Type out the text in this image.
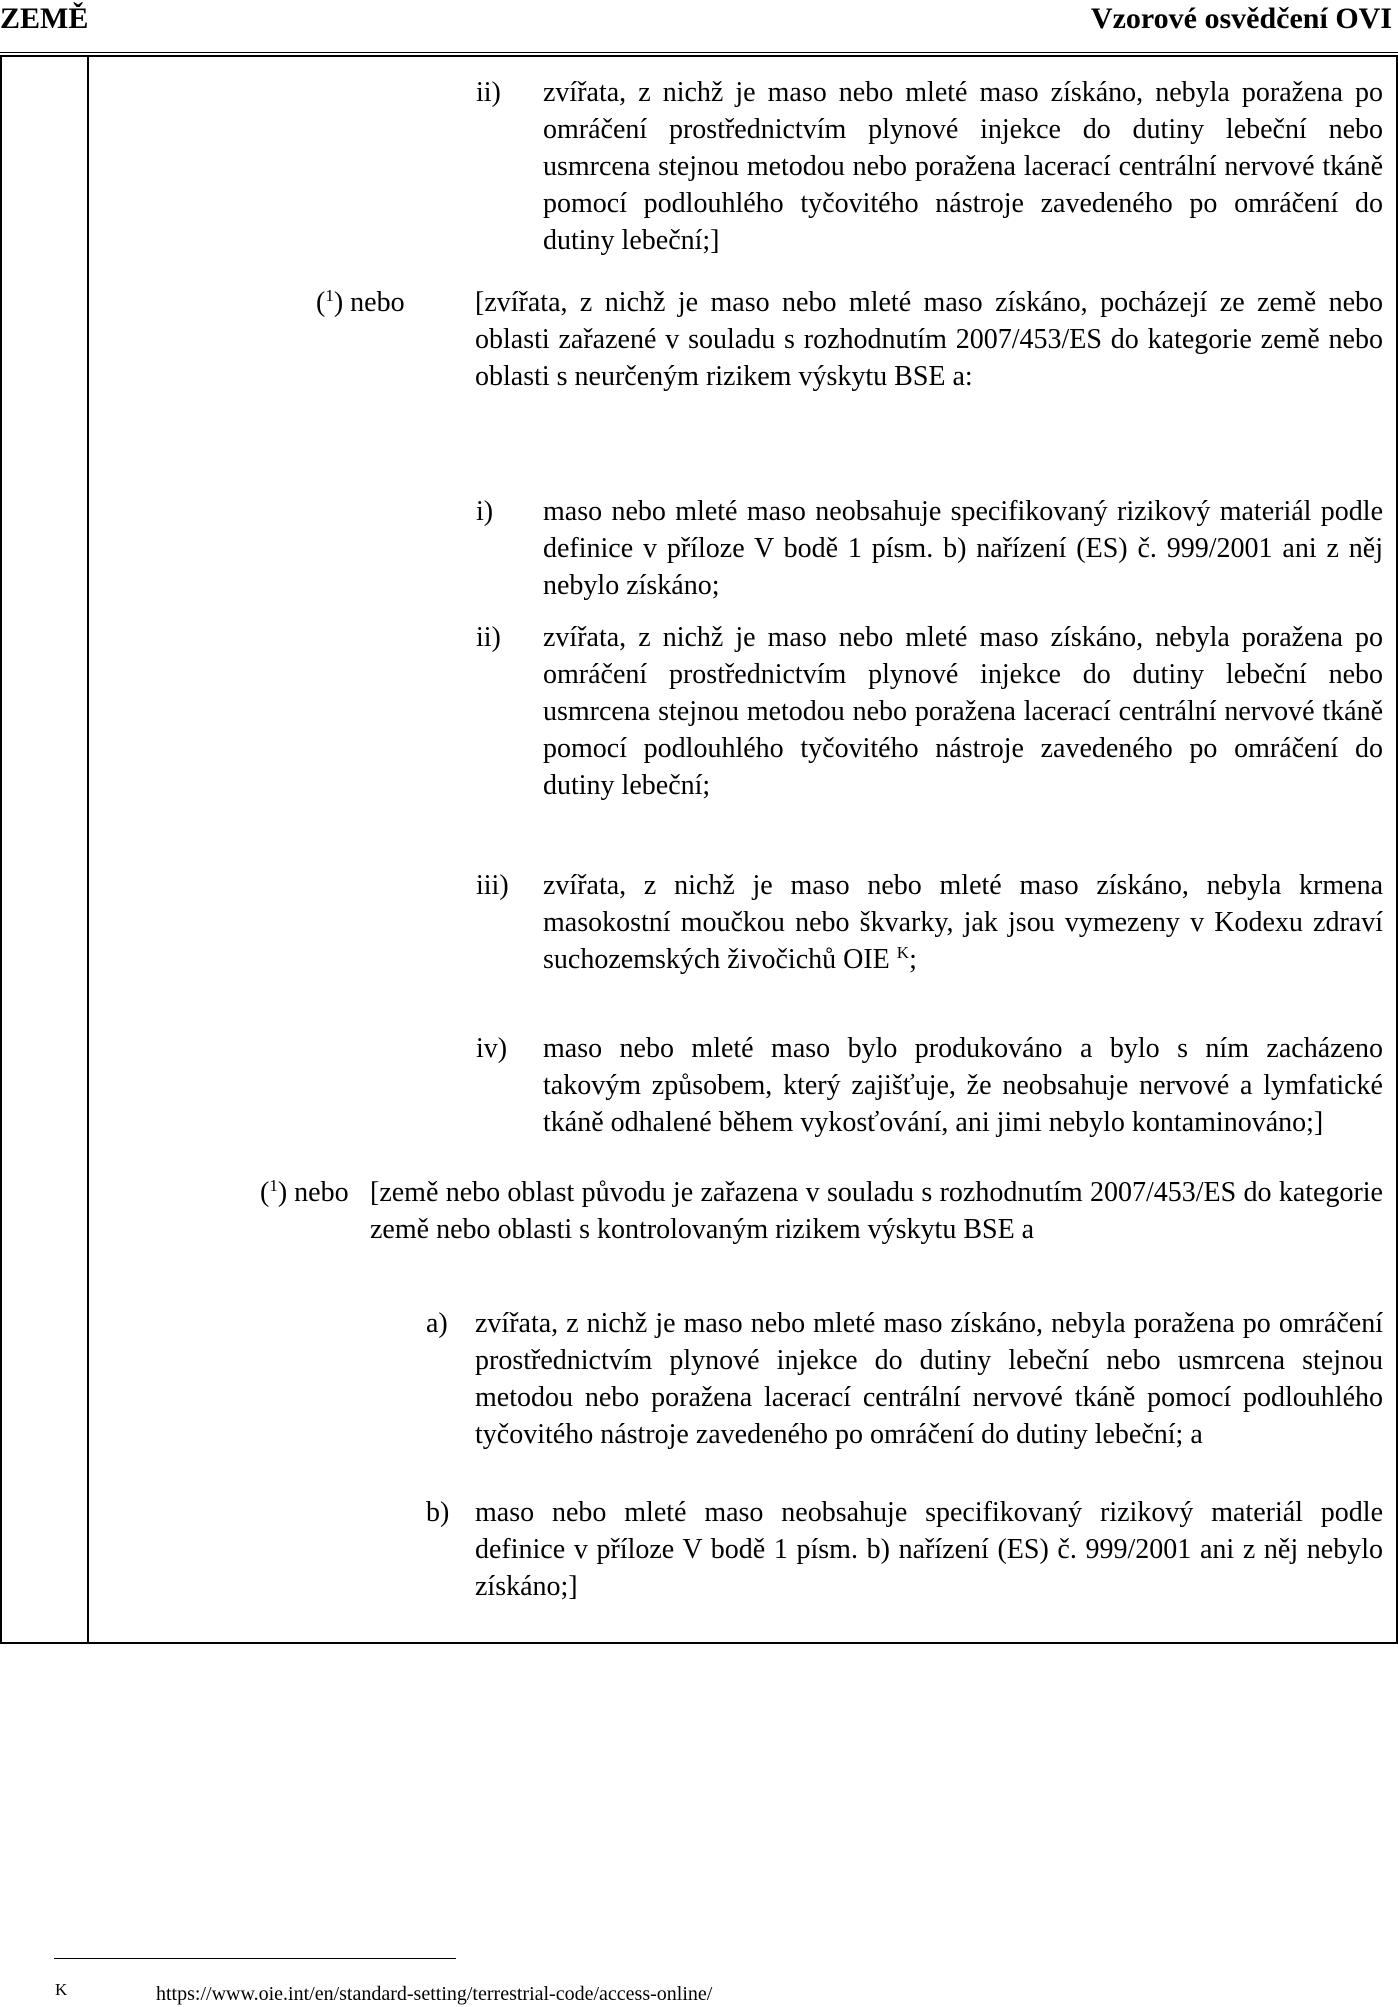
ZEMĚ	Vzorové osvědčení OVI
ii) zvířata, z nichž je maso nebo mleté maso získáno, nebyla poražena po omráčení prostřednictvím plynové injekce do dutiny lebeční nebo usmrcena stejnou metodou nebo poražena lacerací centrální nervové tkáně pomocí podlouhlého tyčovitého nástroje zavedeného po omráčení do dutiny lebeční;]

($^1$) nebo	[zvířata, z nichž je maso nebo mleté maso získáno, pocházejí ze země nebo oblasti zařazené v souladu s rozhodnutím 2007/453/ES do kategorie země nebo oblasti s neurčeným rizikem výskytu BSE a:

i) maso nebo mleté maso neobsahuje specifikovaný rizikový materiál podle definice v příloze V bodě 1 písm. b) nařízení (ES) č. 999/2001 ani z něj nebylo získáno;

ii) zvířata, z nichž je maso nebo mleté maso získáno, nebyla poražena po omráčení prostřednictvím plynové injekce do dutiny lebeční nebo usmrcena stejnou metodou nebo poražena lacerací centrální nervové tkáně pomocí podlouhlého tyčovitého nástroje zavedeného po omráčení do dutiny lebeční;

iii) zvířata, z nichž je maso nebo mleté maso získáno, nebyla krmena masokostní moučkou nebo škvarky, jak jsou vymezeny v Kodexu zdraví suchozemských živočichů OIE $^K$;

iv) maso nebo mleté maso bylo produkováno a bylo s ním zacházeno takovým způsobem, který zajišťuje, že neobsahuje nervové a lymfatické tkáně odhalené během vykosťování, ani jimi nebylo kontaminováno;]

($^1$) nebo [země nebo oblast původu je zařazena v souladu s rozhodnutím 2007/453/ES do kategorie země nebo oblasti s kontrolovaným rizikem výskytu BSE a

a) zvířata, z nichž je maso nebo mleté maso získáno, nebyla poražena po omráčení prostřednictvím plynové injekce do dutiny lebeční nebo usmrcena stejnou metodou nebo poražena lacerací centrální nervové tkáně pomocí podlouhlého tyčovitého nástroje zavedeného po omráčení do dutiny lebeční; a

b) maso nebo mleté maso neobsahuje specifikovaný rizikový materiál podle definice v příloze V bodě 1 písm. b) nařízení (ES) č. 999/2001 ani z něj nebylo získáno;]

K	https://www.oie.int/en/standard-setting/terrestrial-code/access-online/
